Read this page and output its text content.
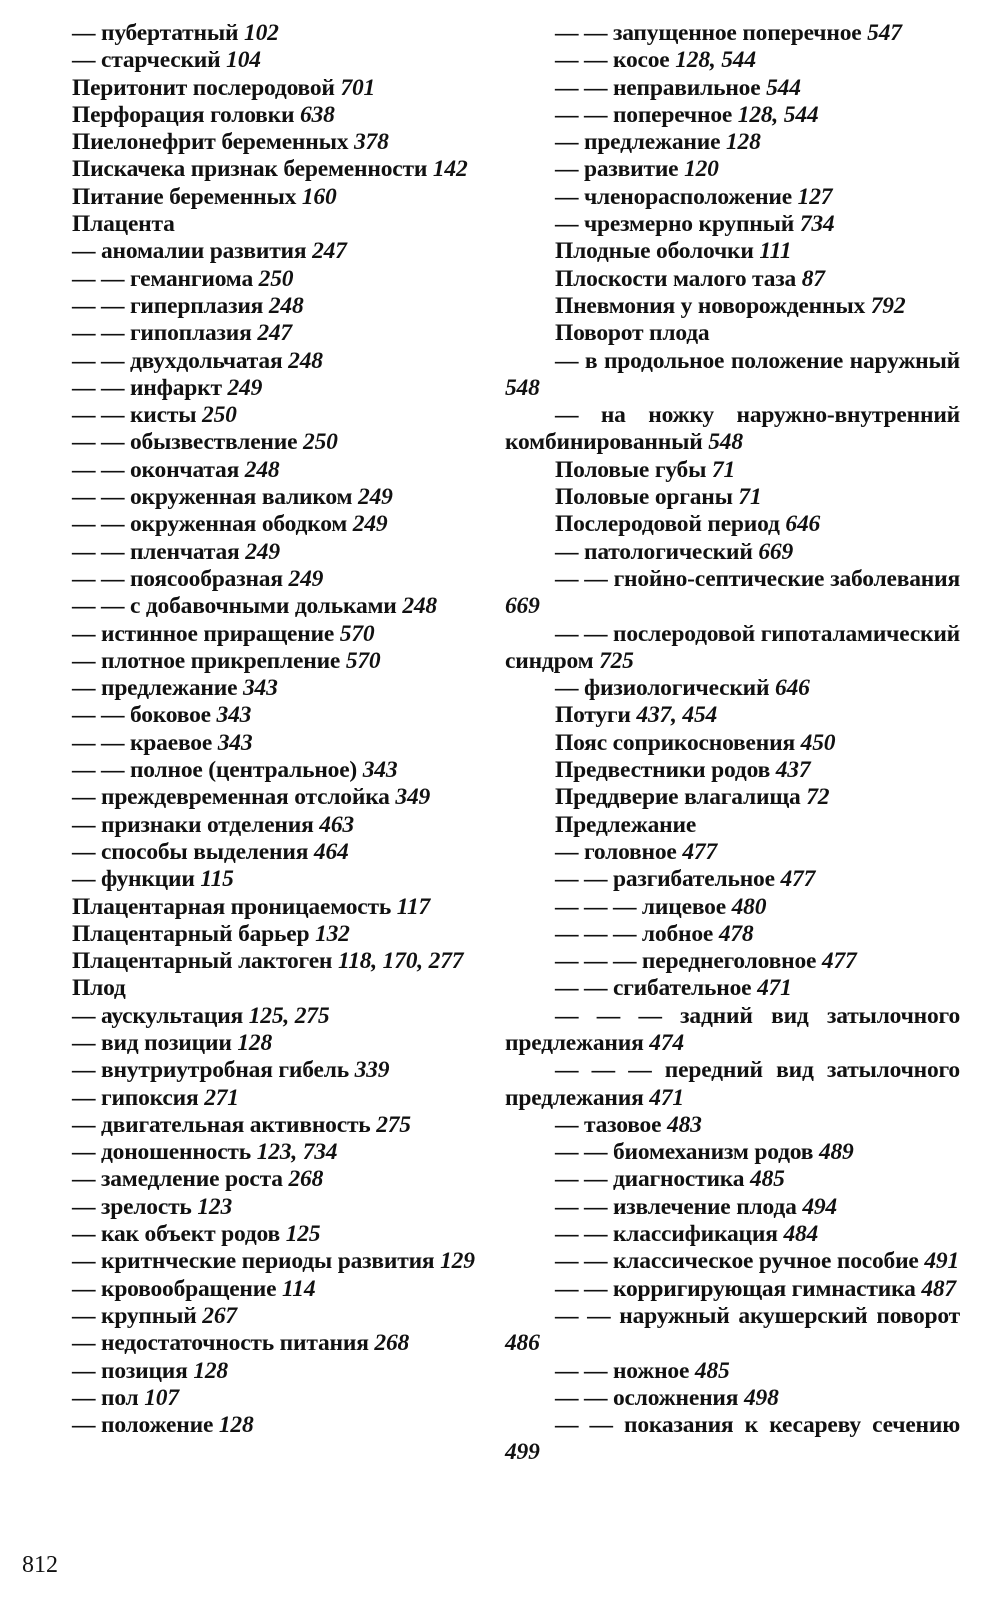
— пубертатный 102
— старческий 104
Перитонит послеродовой 701
Перфорация головки 638
Пиелонефрит беременных 378
Пискачека признак беременности 142
Питание беременных 160
Плацента
— аномалии развития 247
— — гемангиома 250
— — гиперплазия 248
— — гипоплазия 247
— — двухдольчатая 248
— — инфаркт 249
— — кисты 250
— — обызвествление 250
— — окончатая 248
— — окруженная валиком 249
— — окруженная ободком 249
— — пленчатая 249
— — поясообразная 249
— — с добавочными дольками 248
— истинное приращение 570
— плотное прикрепление 570
— предлежание 343
— — боковое 343
— — краевое 343
— — полное (центральное) 343
— преждевременная отслойка 349
— признаки отделения 463
— способы выделения 464
— функции 115
Плацентарная проницаемость 117
Плацентарный барьер 132
Плацентарный лактоген 118, 170, 277
Плод
— аускультация 125, 275
— вид позиции 128
— внутриутробная гибель 339
— гипоксия 271
— двигательная активность 275
— доношенность 123, 734
— замедление роста 268
— зрелость 123
— как объект родов 125
— критнческие периоды развития 129
— кровообращение 114
— крупный 267
— недостаточность питания 268
— позиция 128
— пол 107
— положение 128
— — запущенное поперечное 547
— — косое 128, 544
— — неправильное 544
— — поперечное 128, 544
— предлежание 128
— развитие 120
— членорасположение 127
— чрезмерно крупный 734
Плодные оболочки 111
Плоскости малого таза 87
Пневмония у новорожденных 792
Поворот плода
— в продольное положение наружный 548
— на ножку наружно-внутренний комбинированный 548
Половые губы 71
Половые органы 71
Послеродовой период 646
— патологический 669
— — гнойно-септические заболевания 669
— — послеродовой гипоталамический синдром 725
— физиологический 646
Потуги 437, 454
Пояс соприкосновения 450
Предвестники родов 437
Преддверие влагалища 72
Предлежание
— головное 477
— — разгибательное 477
— — — лицевое 480
— — — лобное 478
— — — переднеголовное 477
— — сгибательное 471
— — — задний вид затылочного предлежания 474
— — — передний вид затылочного предлежания 471
— тазовое 483
— — биомеханизм родов 489
— — диагностика 485
— — извлечение плода 494
— — классификация 484
— — классическое ручное пособие 491
— — корригирующая гимнастика 487
— — наружный акушерский поворот 486
— — ножное 485
— — осложнения 498
— — показания к кесареву сечению 499
812
